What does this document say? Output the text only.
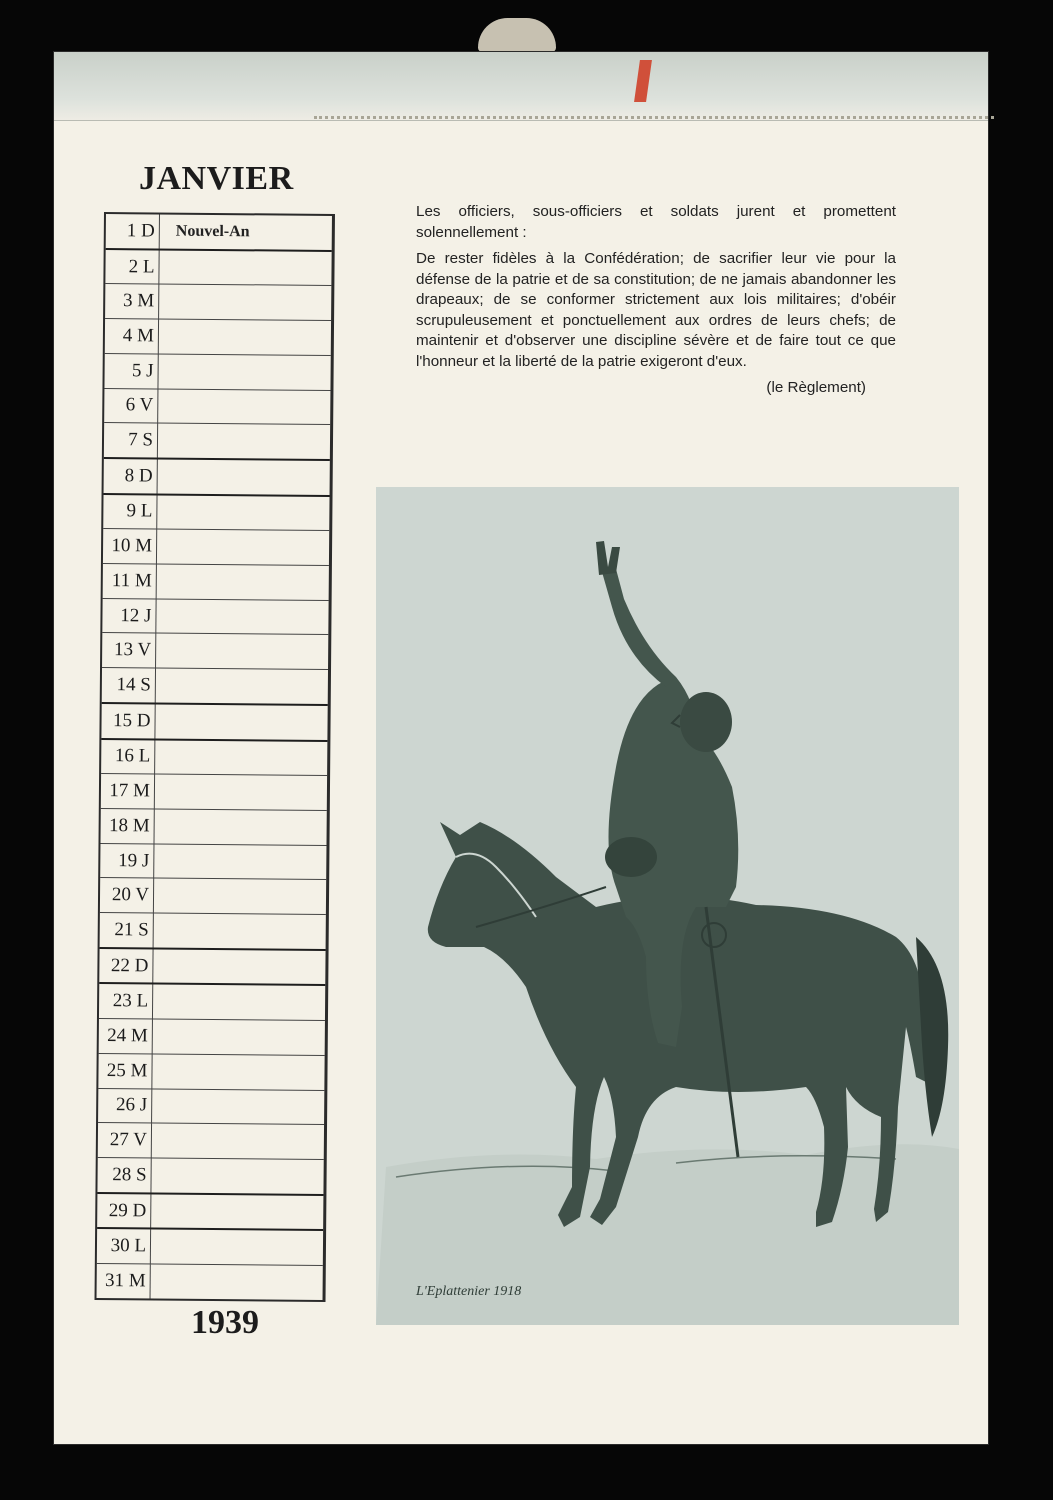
JANVIER
1 D	Nouvel-An
2 L
3 M
4 M
5 J
6 V
7 S
8 D
9 L
10 M
11 M
12 J
13 V
14 S
15 D
16 L
17 M
18 M
19 J
20 V
21 S
22 D
23 L
24 M
25 M
26 J
27 V
28 S
29 D
30 L
31 M
1939

Les officiers, sous-officiers et soldats jurent et promettent solennellement :

De rester fidèles à la Confédération; de sacrifier leur vie pour la défense de la patrie et de sa constitution; de ne jamais abandonner les drapeaux; de se conformer strictement aux lois militaires; d'obéir scrupuleusement et ponctuellement aux ordres de leurs chefs; de maintenir et d'observer une discipline sévère et de faire tout ce que l'honneur et la liberté de la patrie exigeront d'eux.

(le Règlement)
L'Eplattenier 1918
